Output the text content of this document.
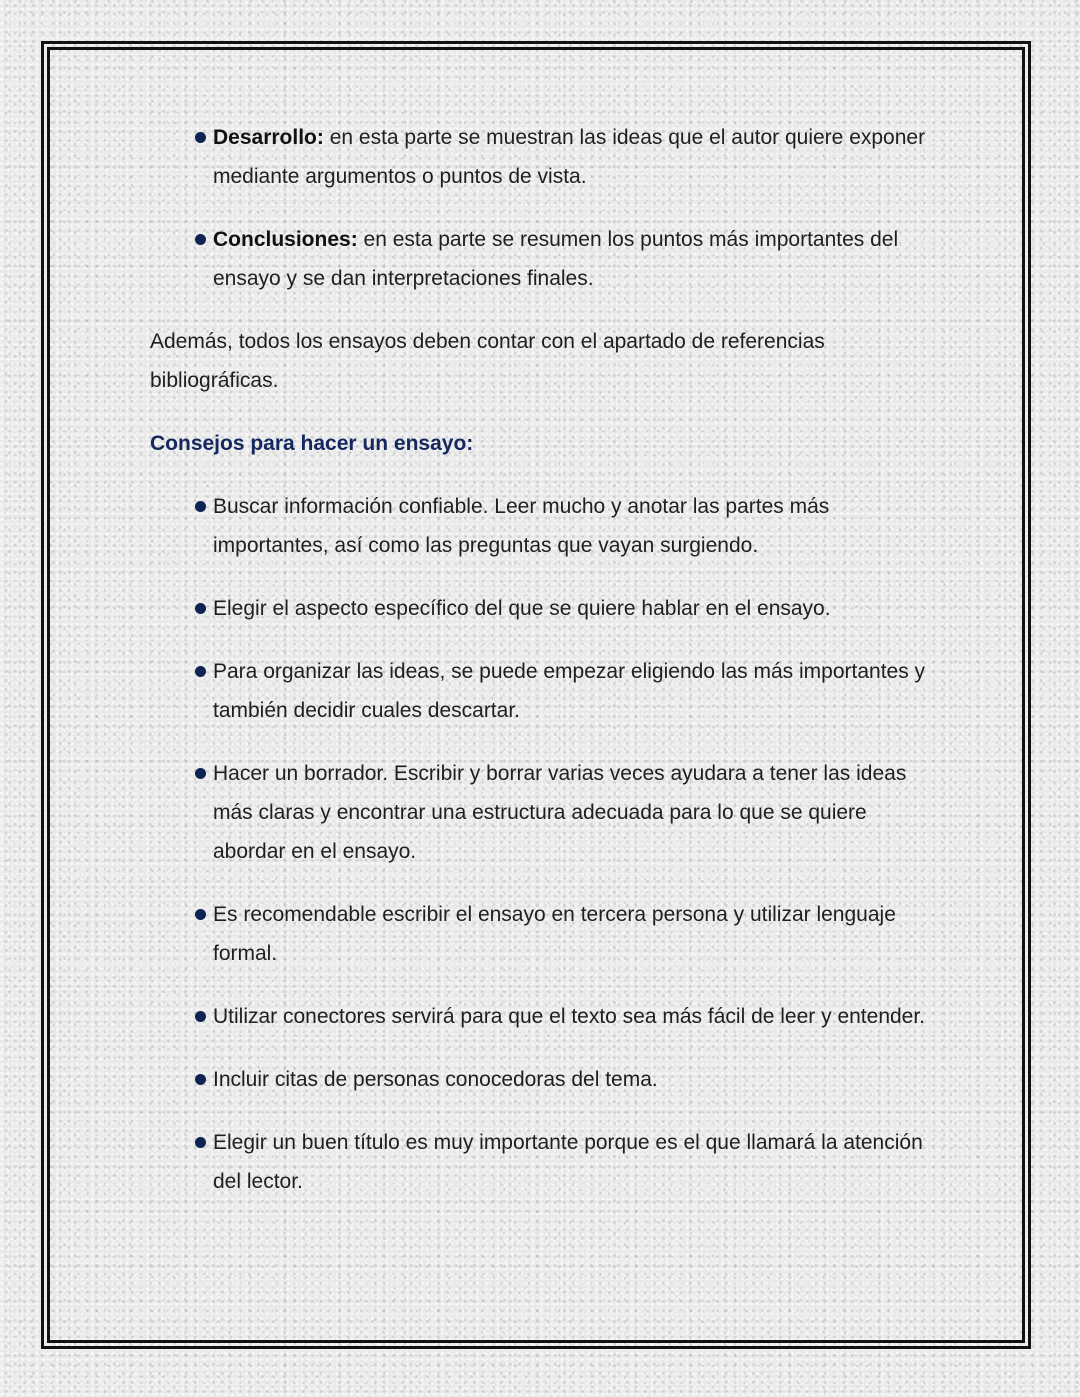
Desarrollo: en esta parte se muestran las ideas que el autor quiere exponer mediante argumentos o puntos de vista.
Conclusiones: en esta parte se resumen los puntos más importantes del ensayo y se dan interpretaciones finales.

Además, todos los ensayos deben contar con el apartado de referencias bibliográficas.

Consejos para hacer un ensayo:

Buscar información confiable. Leer mucho y anotar las partes más importantes, así como las preguntas que vayan surgiendo.
Elegir el aspecto específico del que se quiere hablar en el ensayo.
Para organizar las ideas, se puede empezar eligiendo las más importantes y también decidir cuales descartar.
Hacer un borrador. Escribir y borrar varias veces ayudara a tener las ideas más claras y encontrar una estructura adecuada para lo que se quiere abordar en el ensayo.
Es recomendable escribir el ensayo en tercera persona y utilizar lenguaje formal.
Utilizar conectores servirá para que el texto sea más fácil de leer y entender.
Incluir citas de personas conocedoras del tema.
Elegir un buen título es muy importante porque es el que llamará la atención del lector.
